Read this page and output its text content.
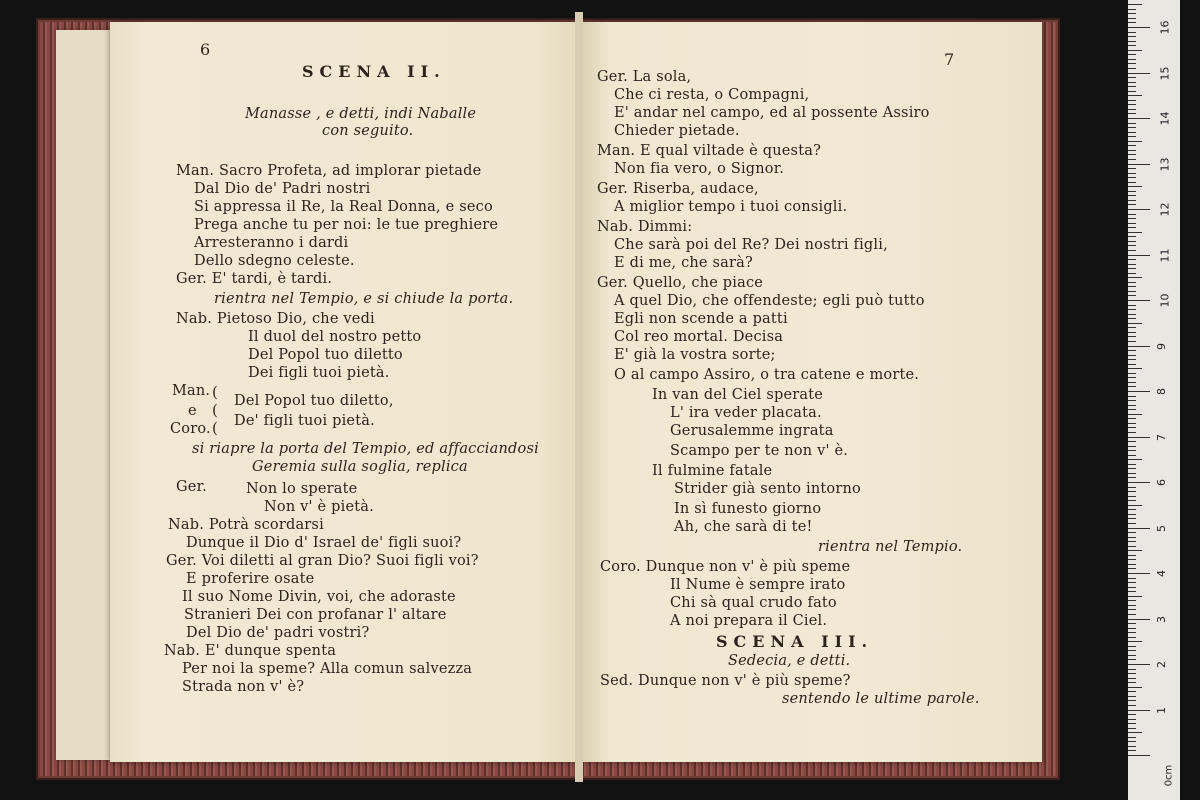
6
SCENA II.
7
Manasse , e detti, indi Naballe
con seguito.
Man. Sacro Profeta, ad implorar pietade
Dal Dio de' Padri nostri
Si appressa il Re, la Real Donna, e seco
Prega anche tu per noi: le tue preghiere
Arresteranno i dardi
Dello sdegno celeste.
Ger. E' tardi, è tardi.
rientra nel Tempio, e si chiude la porta.
Nab. Pietoso Dio, che vedi
Il duol del nostro petto
Del Popol tuo diletto
Dei figli tuoi pietà.
Man.
e
Coro.
Del Popol tuo diletto,
De' figli tuoi pietà.
si riapre la porta del Tempio, ed affacciandosi
Geremia sulla soglia, replica
Ger.	Non lo sperate
Non v' è pietà.
Nab. Potrà scordarsi
Dunque il Dio d' Israel de' figli suoi?
Ger. Voi diletti al gran Dio? Suoi figli voi?
E proferire osate
Il suo Nome Divin, voi, che adoraste
Stranieri Dei con profanar l' altare
Del Dio de' padri vostri?
Nab. E' dunque spenta
Per noi la speme? Alla comun salvezza
Strada non v' è?
Ger. La sola,
Che ci resta, o Compagni,
E' andar nel campo, ed al possente Assiro
Chieder pietade.
Man. E qual viltade è questa?
Non fia vero, o Signor.
Ger. Riserba, audace,
A miglior tempo i tuoi consigli.
Nab. Dimmi:
Che sarà poi del Re? Dei nostri figli,
E di me, che sarà?
Ger. Quello, che piace
A quel Dio, che offendeste; egli può tutto
Egli non scende a patti
Col reo mortal. Decisa
E' già la vostra sorte;
O al campo Assiro, o tra catene e morte.
In van del Ciel sperate
L' ira veder placata.
Gerusalemme ingrata
Scampo per te non v' è.
Il fulmine fatale
Strider già sento intorno
In sì funesto giorno
Ah, che sarà di te!
rientra nel Tempio.
Coro. Dunque non v' è più speme
Il Nume è sempre irato
Chi sà qual crudo fato
A noi prepara il Ciel.
SCENA III.
Sedecia, e detti.
Sed. Dunque non v' è più speme?
sentendo le ultime parole.
(
(
(
0cm
1
2
3
4
5
6
7
8
9
10
11
12
13
14
15
16
